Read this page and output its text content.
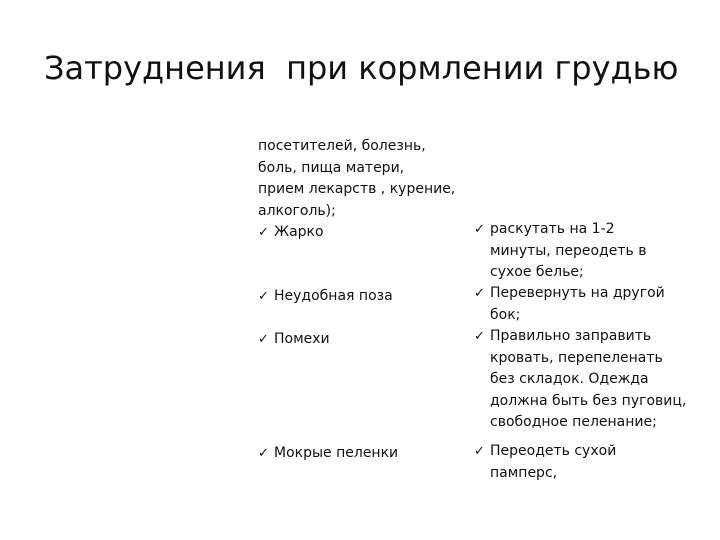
Затруднения  при кормлении грудью
посетителей, болезнь,
боль, пища матери,
прием лекарств , курение,
алкоголь);
✓ Жарко
✓ Неудобная поза
✓ Помехи
✓ Мокрые пеленки
✓ раскутать на 1-2
минуты, переодеть в
сухое белье;
✓ Перевернуть на другой
бок;
✓ Правильно заправить
кровать, перепеленать
без складок. Одежда
должна быть без пуговиц,
свободное пеленание;
✓ Переодеть сухой
памперс,
